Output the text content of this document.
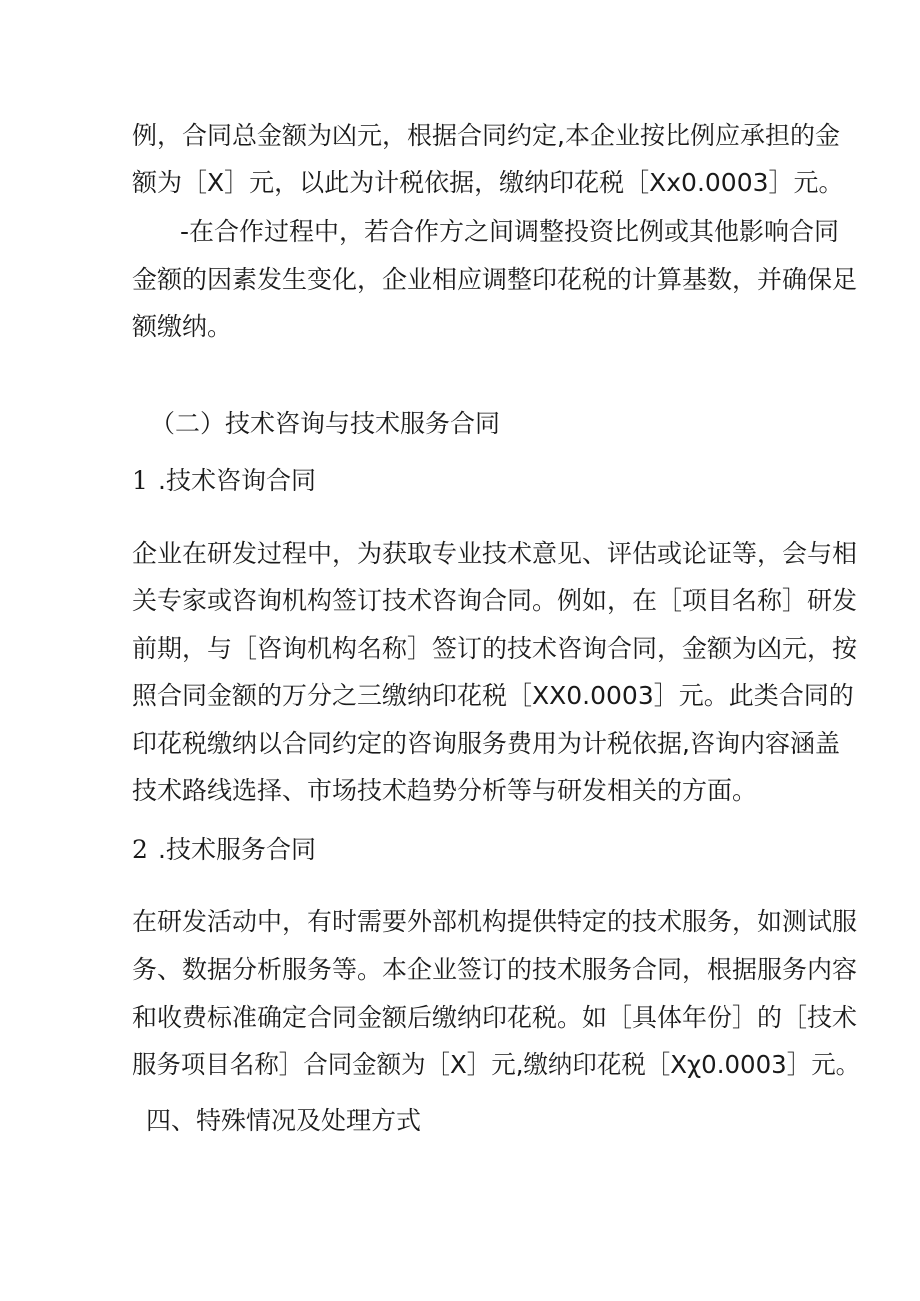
例，合同总金额为凶元，根据合同约定,本企业按比例应承担的金
额为［X］元，以此为计税依据，缴纳印花税［Xx0.0003］元。
-在合作过程中，若合作方之间调整投资比例或其他影响合同
金额的因素发生变化，企业相应调整印花税的计算基数，并确保足
额缴纳。
（二）技术咨询与技术服务合同
1 .技术咨询合同
企业在研发过程中，为获取专业技术意见、评估或论证等，会与相
关专家或咨询机构签订技术咨询合同。例如，在［项目名称］研发
前期，与［咨询机构名称］签订的技术咨询合同，金额为凶元，按
照合同金额的万分之三缴纳印花税［XX0.0003］元。此类合同的
印花税缴纳以合同约定的咨询服务费用为计税依据,咨询内容涵盖
技术路线选择、市场技术趋势分析等与研发相关的方面。
2 .技术服务合同
在研发活动中，有时需要外部机构提供特定的技术服务，如测试服
务、数据分析服务等。本企业签订的技术服务合同，根据服务内容
和收费标准确定合同金额后缴纳印花税。如［具体年份］的［技术
服务项目名称］合同金额为［X］元,缴纳印花税［Xχ0.0003］元。
四、特殊情况及处理方式
